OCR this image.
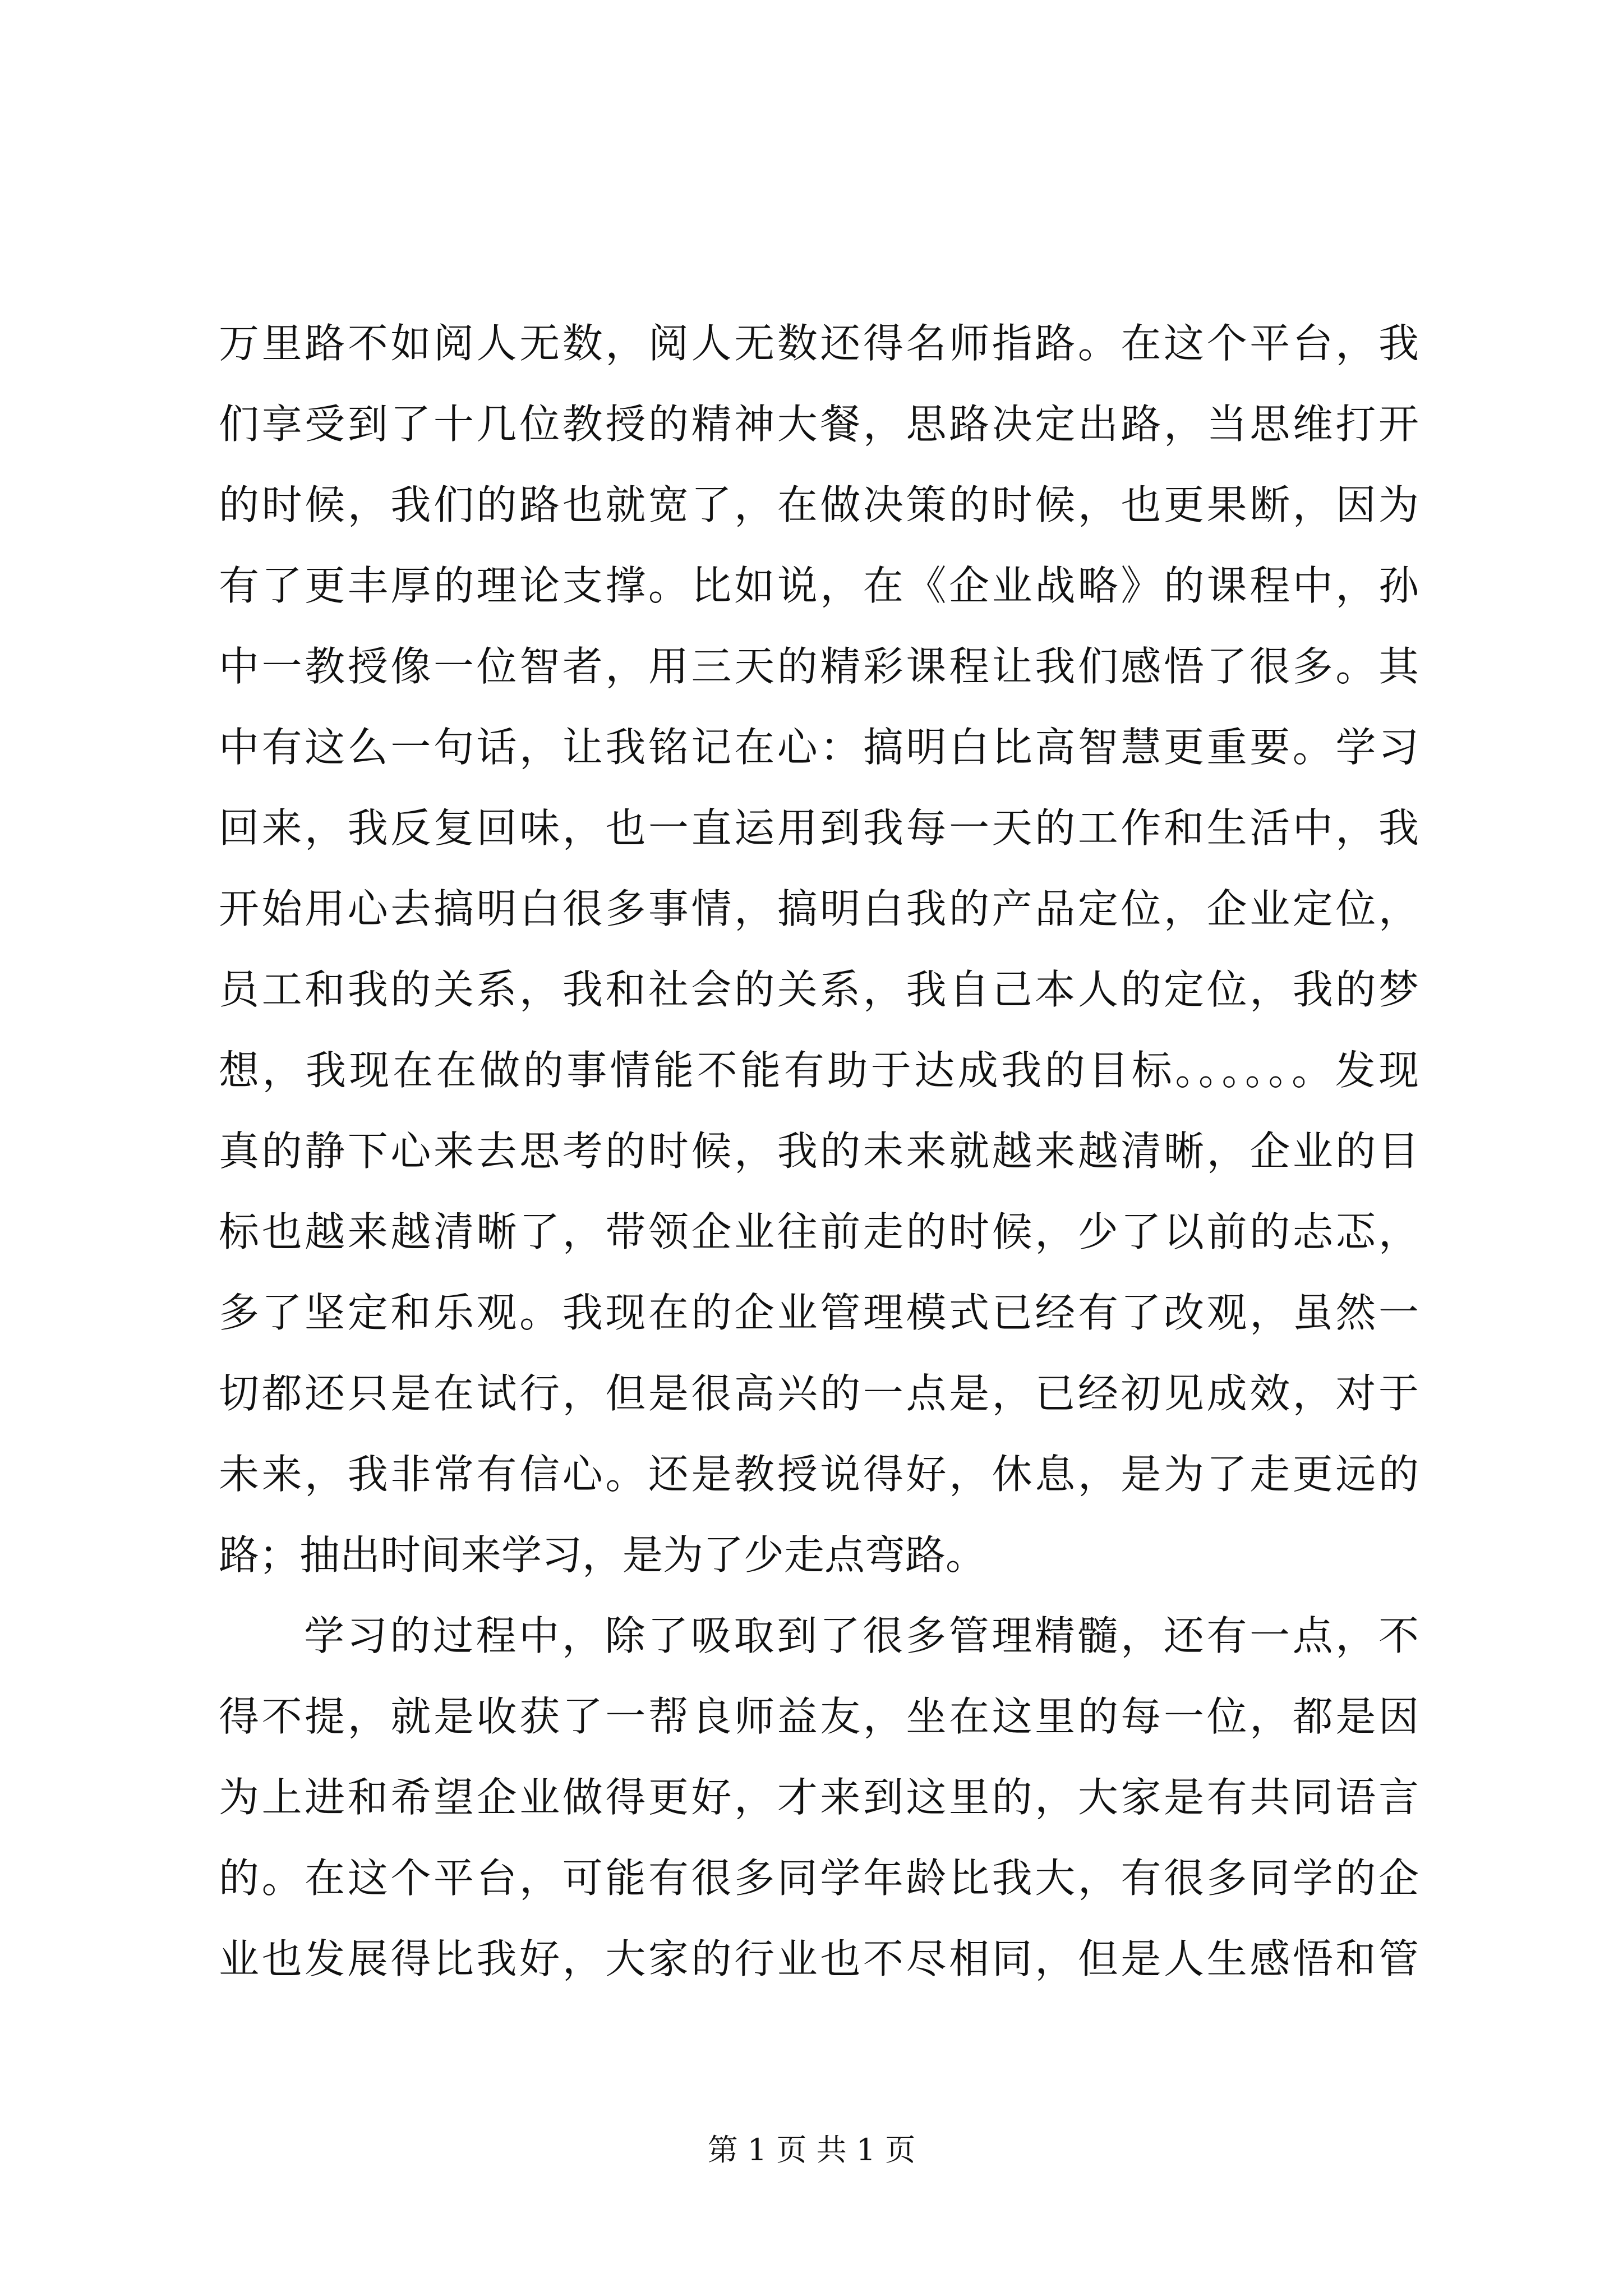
万里路不如阅人无数，阅人无数还得名师指路。在这个平台，我
们享受到了十几位教授的精神大餐，思路决定出路，当思维打开
的时候，我们的路也就宽了，在做决策的时候，也更果断，因为
有了更丰厚的理论支撑。比如说，在《企业战略》的课程中，孙
中一教授像一位智者，用三天的精彩课程让我们感悟了很多。其
中有这么一句话，让我铭记在心：搞明白比高智慧更重要。学习
回来，我反复回味，也一直运用到我每一天的工作和生活中，我
开始用心去搞明白很多事情，搞明白我的产品定位，企业定位，
员工和我的关系，我和社会的关系，我自己本人的定位，我的梦
想，我现在在做的事情能不能有助于达成我的目标。。。。。。发现
真的静下心来去思考的时候，我的未来就越来越清晰，企业的目
标也越来越清晰了，带领企业往前走的时候，少了以前的忐忑，
多了坚定和乐观。我现在的企业管理模式已经有了改观，虽然一
切都还只是在试行，但是很高兴的一点是，已经初见成效，对于
未来，我非常有信心。还是教授说得好，休息，是为了走更远的
路；抽出时间来学习，是为了少走点弯路。
学习的过程中，除了吸取到了很多管理精髓，还有一点，不
得不提，就是收获了一帮良师益友，坐在这里的每一位，都是因
为上进和希望企业做得更好，才来到这里的，大家是有共同语言
的。在这个平台，可能有很多同学年龄比我大，有很多同学的企
业也发展得比我好，大家的行业也不尽相同，但是人生感悟和管
第 1 页 共 1 页
